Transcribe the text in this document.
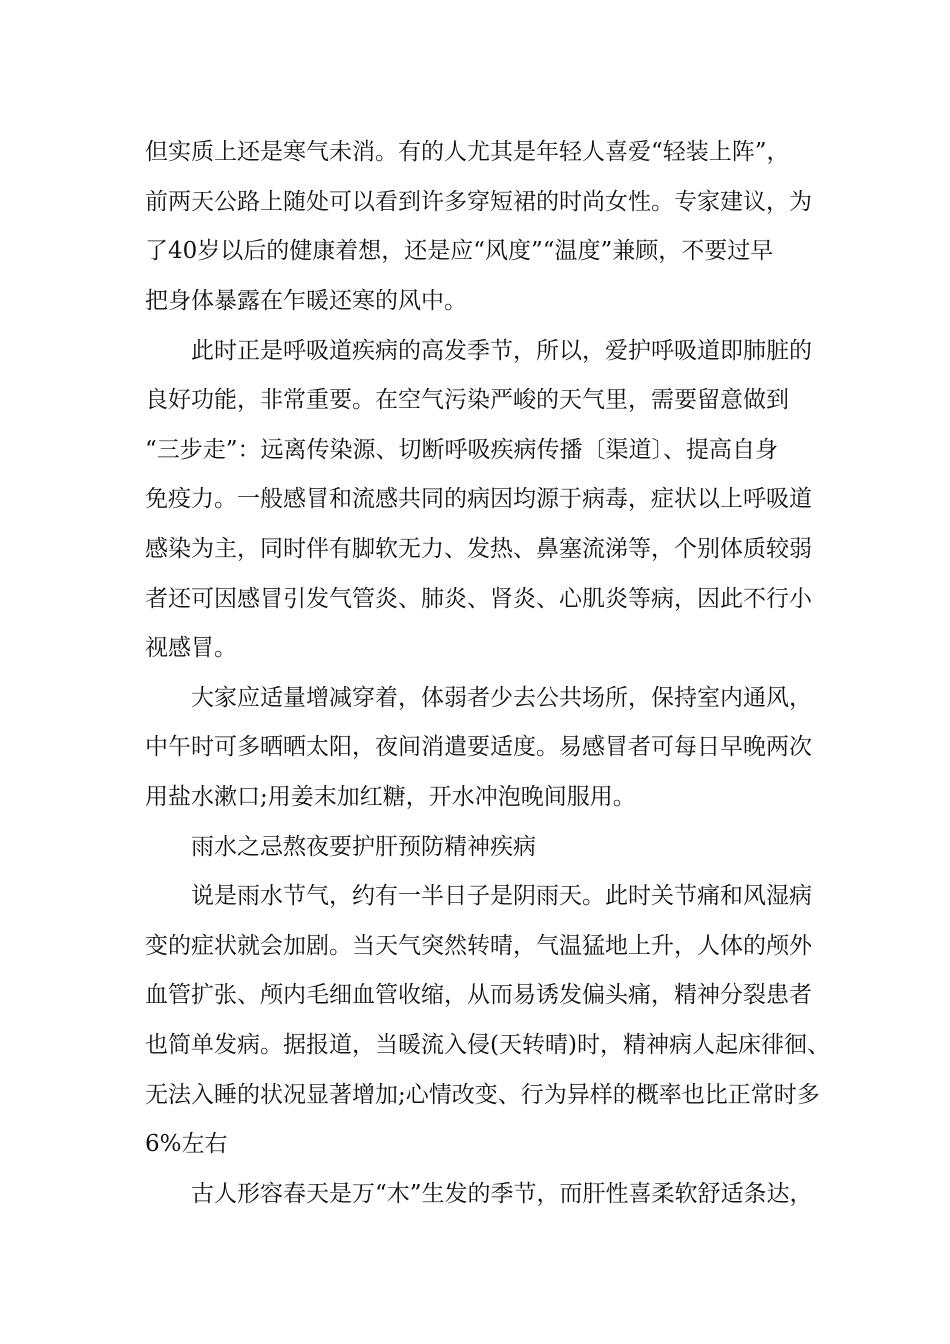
但实质上还是寒气未消。有的人尤其是年轻人喜爱“轻装上阵”，

前两天公路上随处可以看到许多穿短裙的时尚女性。专家建议，为

了40岁以后的健康着想，还是应“风度”“温度”兼顾，不要过早

把身体暴露在乍暖还寒的风中。

此时正是呼吸道疾病的高发季节，所以，爱护呼吸道即肺脏的

良好功能，非常重要。在空气污染严峻的天气里，需要留意做到

“三步走”：远离传染源、切断呼吸疾病传播〔渠道〕、提高自身

免疫力。一般感冒和流感共同的病因均源于病毒，症状以上呼吸道

感染为主，同时伴有脚软无力、发热、鼻塞流涕等，个别体质较弱

者还可因感冒引发气管炎、肺炎、肾炎、心肌炎等病，因此不行小

视感冒。

大家应适量增减穿着，体弱者少去公共场所，保持室内通风，

中午时可多晒晒太阳，夜间消遣要适度。易感冒者可每日早晚两次

用盐水漱口;用姜末加红糖，开水冲泡晚间服用。

雨水之忌熬夜要护肝预防精神疾病

说是雨水节气，约有一半日子是阴雨天。此时关节痛和风湿病

变的症状就会加剧。当天气突然转晴，气温猛地上升，人体的颅外

血管扩张、颅内毛细血管收缩，从而易诱发偏头痛，精神分裂患者

也简单发病。据报道，当暖流入侵(天转晴)时，精神病人起床徘徊、

无法入睡的状况显著增加;心情改变、行为异样的概率也比正常时多

6%左右

古人形容春天是万“木”生发的季节，而肝性喜柔软舒适条达，
